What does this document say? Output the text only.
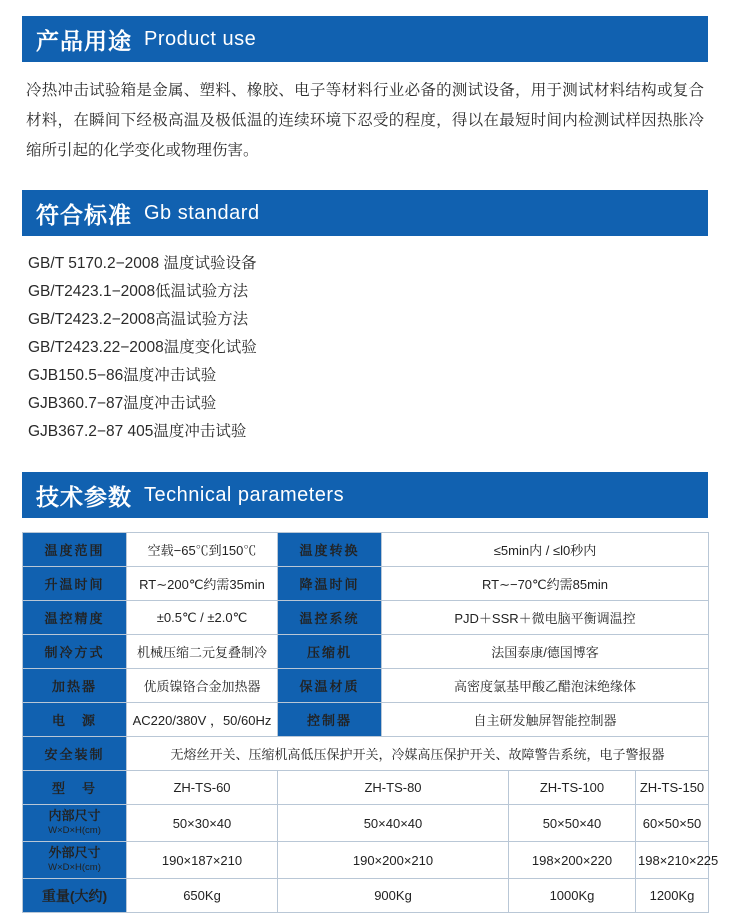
产品用途 Product use
冷热冲击试验箱是金属、塑料、橡胶、电子等材料行业必备的测试设备，用于测试材料结构或复合材料，在瞬间下经极高温及极低温的连续环境下忍受的程度，得以在最短时间内检测试样因热胀冷缩所引起的化学变化或物理伤害。
符合标准 Gb standard
GB/T 5170.2−2008 温度试验设备
GB/T2423.1−2008低温试验方法
GB/T2423.2−2008高温试验方法
GB/T2423.22−2008温度变化试验
GJB150.5−86温度冲击试验
GJB360.7−87温度冲击试验
GJB367.2−87 405温度冲击试验
技术参数 Technical parameters
温度范围	空载−65℃到150℃	温度转换	≤5min内 / ≤l0秒内		
升温时间	RT∼200℃约需35min	降温时间	RT∼−70℃约需85min		
温控精度	±0.5℃ / ±2.0℃	温控系统	PJD＋SSR＋微电脑平衡调温控		
制冷方式	机械压缩二元复叠制冷	压缩机	法国泰康/德国博客		
加热器	优质镍铬合金加热器	保温材质	高密度氯基甲酸乙醋泡沫绝缘体		
电　源	AC220/380V ，50/60Hz	控制器	自主研发触屏智能控制器		
安全装制	无熔丝开关、压缩机高低压保护开关，冷媒高压保护开关、故障警告系统，电子警报器				
型　号	ZH-TS-60	ZH-TS-80		ZH-TS-100	ZH-TS-150
内部尺寸
W×D×H(cm)	50×30×40	50×40×40		50×50×40	60×50×50
外部尺寸
W×D×H(cm)	190×187×210	190×200×210		198×200×220	198×210×225
重量(大约)	650Kg	900Kg		1000Kg	1200Kg
